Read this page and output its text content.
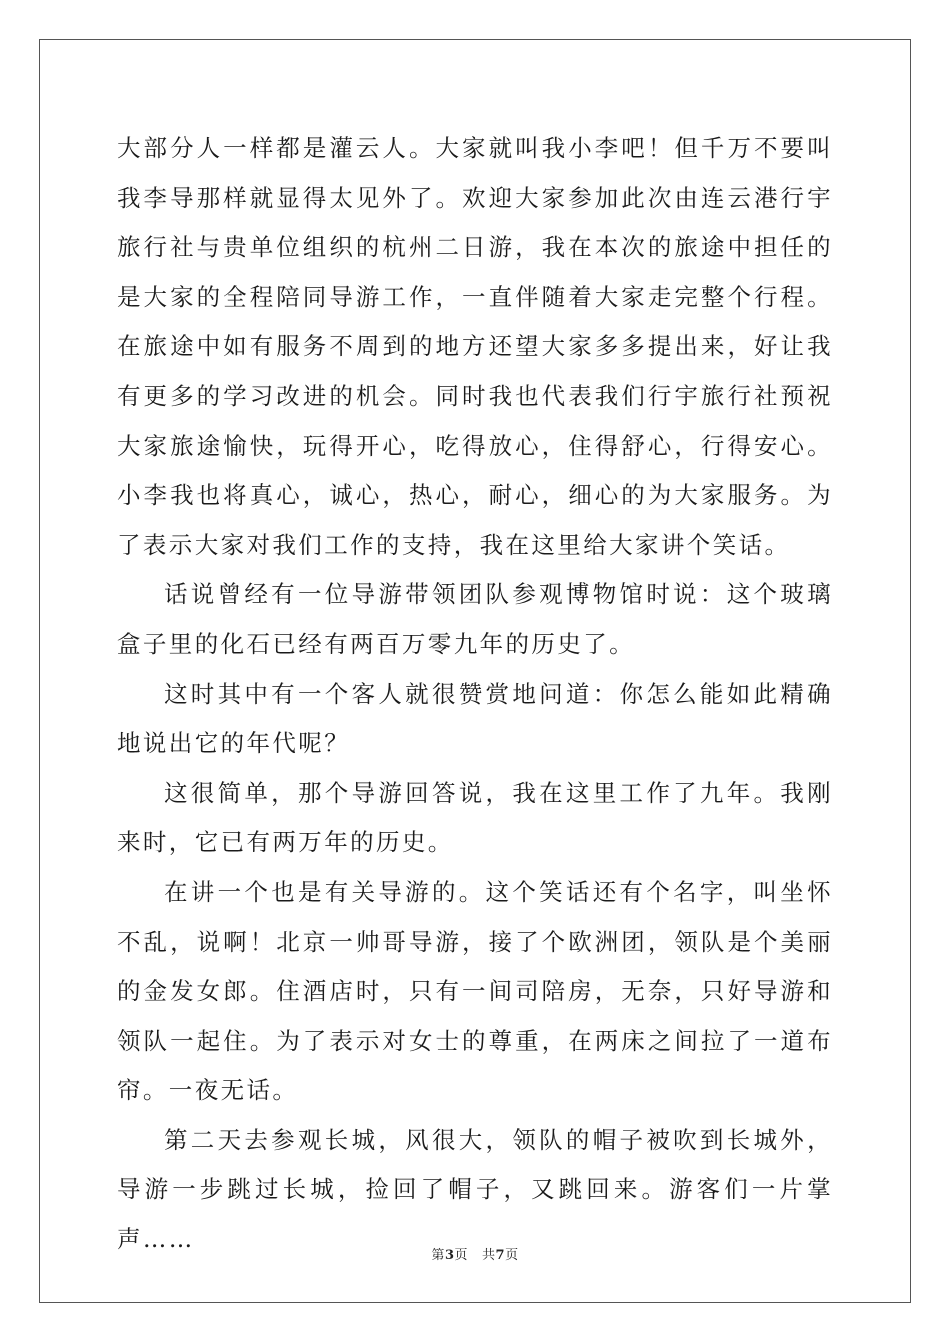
大部分人一样都是灌云人。大家就叫我小李吧！但千万不要叫我李导那样就显得太见外了。欢迎大家参加此次由连云港行宇旅行社与贵单位组织的杭州二日游，我在本次的旅途中担任的是大家的全程陪同导游工作，一直伴随着大家走完整个行程。在旅途中如有服务不周到的地方还望大家多多提出来，好让我有更多的学习改进的机会。同时我也代表我们行宇旅行社预祝大家旅途愉快，玩得开心，吃得放心，住得舒心，行得安心。小李我也将真心，诚心，热心，耐心，细心的为大家服务。为了表示大家对我们工作的支持，我在这里给大家讲个笑话。

话说曾经有一位导游带领团队参观博物馆时说：这个玻璃盒子里的化石已经有两百万零九年的历史了。

这时其中有一个客人就很赞赏地问道：你怎么能如此精确地说出它的年代呢？

这很简单，那个导游回答说，我在这里工作了九年。我刚来时，它已有两万年的历史。

在讲一个也是有关导游的。这个笑话还有个名字，叫坐怀不乱，说啊！北京一帅哥导游，接了个欧洲团，领队是个美丽的金发女郎。住酒店时，只有一间司陪房，无奈，只好导游和领队一起住。为了表示对女士的尊重，在两床之间拉了一道布帘。一夜无话。

第二天去参观长城，风很大，领队的帽子被吹到长城外，导游一步跳过长城，捡回了帽子，又跳回来。游客们一片掌声……

第3页 共7页
